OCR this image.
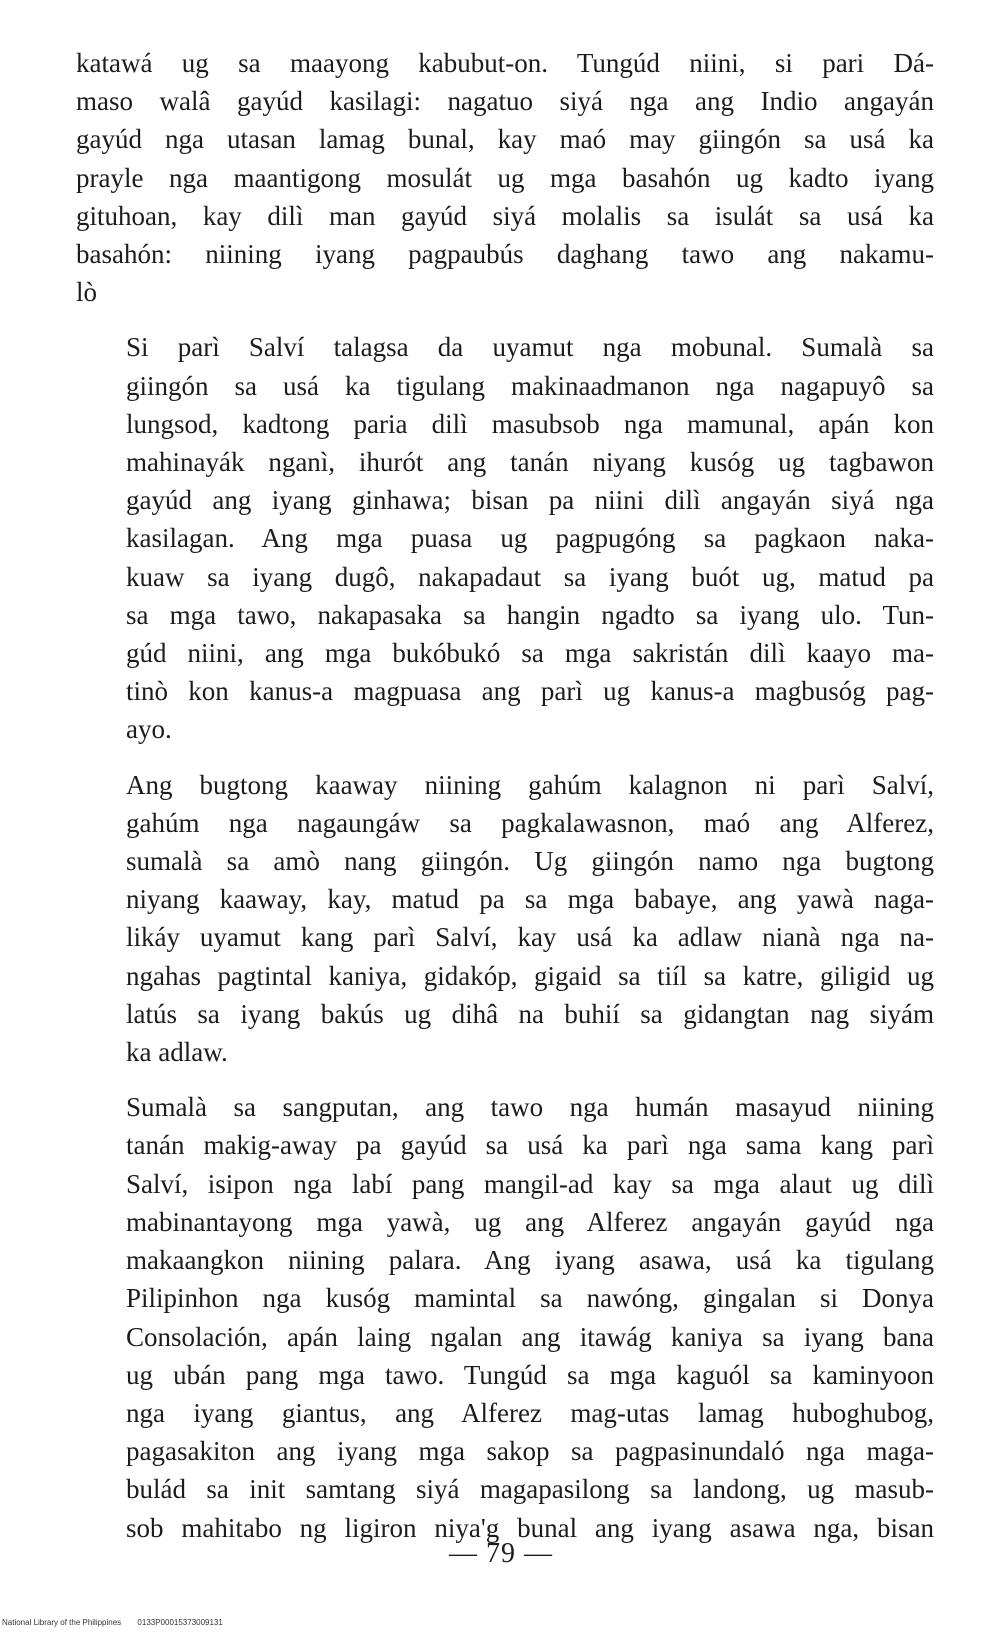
katawá ug sa maayong kabubut-on. Tungúd niini, si pari Dá-
maso walâ gayúd kasilagi: nagatuo siyá nga ang Indio angayán
gayúd nga utasan lamag bunal, kay maó may giingón sa usá ka
prayle nga maantigong mosulát ug mga basahón ug kadto iyang
gituhoan, kay dilì man gayúd siyá molalis sa isulát sa usá ka
basahón: niining iyang pagpaubús daghang tawo ang nakamu-
lò
Si parì Salví talagsa da uyamut nga mobunal. Sumalà sa
giingón sa usá ka tigulang makinaadmanon nga nagapuyô sa
lungsod, kadtong paria dilì masubsob nga mamunal, apán kon
mahinayák nganì, ihurót ang tanán niyang kusóg ug tagbawon
gayúd ang iyang ginhawa; bisan pa niini dilì angayán siyá nga
kasilagan. Ang mga puasa ug pagpugóng sa pagkaon naka-
kuaw sa iyang dugô, nakapadaut sa iyang buót ug, matud pa
sa mga tawo, nakapasaka sa hangin ngadto sa iyang ulo. Tun-
gúd niini, ang mga bukóbukó sa mga sakristán dilì kaayo ma-
tinò kon kanus-a magpuasa ang parì ug kanus-a magbusóg pag-
ayo.
Ang bugtong kaaway niining gahúm kalagnon ni parì Salví,
gahúm nga nagaungáw sa pagkalawasnon, maó ang Alferez,
sumalà sa amò nang giingón. Ug giingón namo nga bugtong
niyang kaaway, kay, matud pa sa mga babaye, ang yawà naga-
likáy uyamut kang parì Salví, kay usá ka adlaw nianà nga na-
ngahas pagtintal kaniya, gidakóp, gigaid sa tiíl sa katre, giligid ug
latús sa iyang bakús ug dihâ na buhií sa gidangtan nag siyám
ka adlaw.
Sumalà sa sangputan, ang tawo nga humán masayud niining
tanán makig-away pa gayúd sa usá ka parì nga sama kang parì
Salví, isipon nga labí pang mangil-ad kay sa mga alaut ug dilì
mabinantayong mga yawà, ug ang Alferez angayán gayúd nga
makaangkon niining palara. Ang iyang asawa, usá ka tigulang
Pilipinhon nga kusóg mamintal sa nawóng, gingalan si Donya
Consolación, apán laing ngalan ang itawág kaniya sa iyang bana
ug ubán pang mga tawo. Tungúd sa mga kaguól sa kaminyoon
nga iyang giantus, ang Alferez mag-utas lamag huboghubog,
pagasakiton ang iyang mga sakop sa pagpasinundaló nga maga-
bulád sa init samtang siyá magapasilong sa landong, ug masub-
sob mahitabo ng ligiron niya'g bunal ang iyang asawa nga, bisan
— 79 —
National Library of the Philippines 0133P00015373009131
